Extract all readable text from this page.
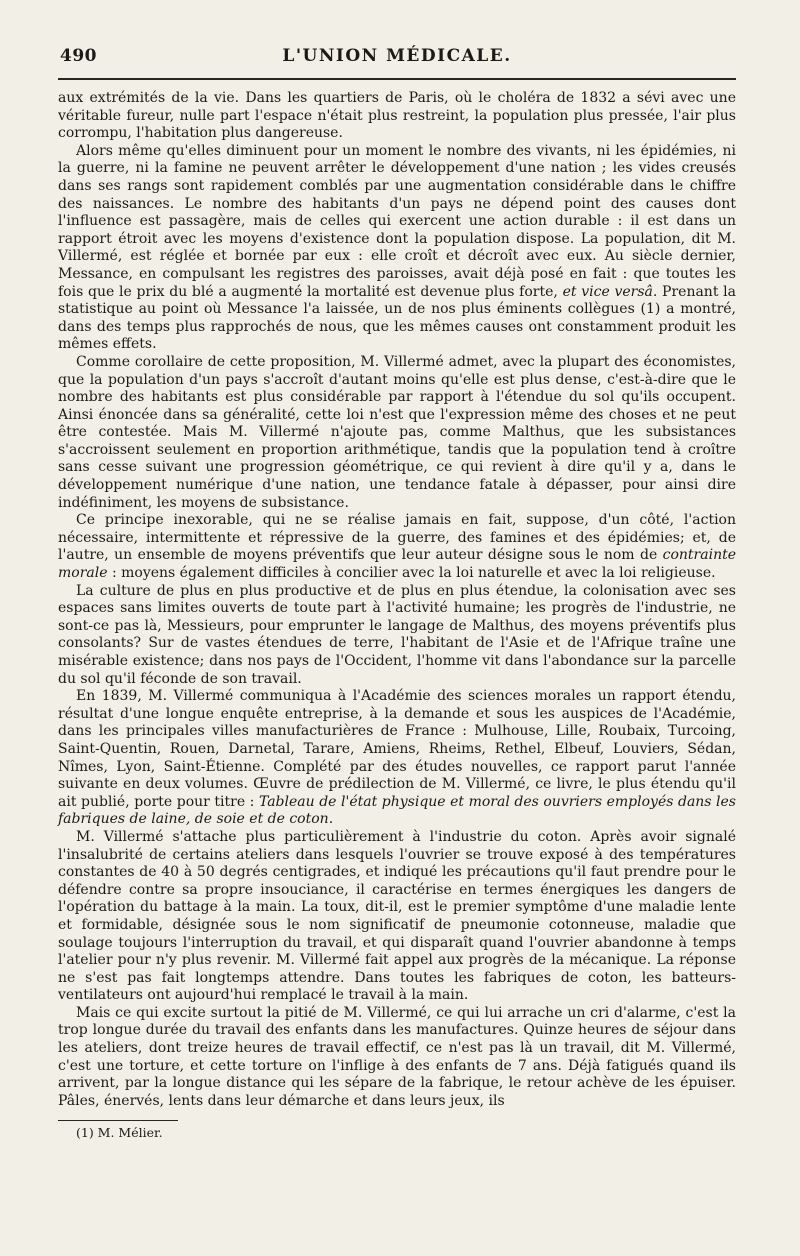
490	L'UNION MÉDICALE.

aux extrémités de la vie. Dans les quartiers de Paris, où le choléra de 1832 a sévi avec une véritable fureur, nulle part l'espace n'était plus restreint, la population plus pressée, l'air plus corrompu, l'habitation plus dangereuse.

Alors même qu'elles diminuent pour un moment le nombre des vivants, ni les épidémies, ni la guerre, ni la famine ne peuvent arrêter le développement d'une nation ; les vides creusés dans ses rangs sont rapidement comblés par une augmentation considérable dans le chiffre des naissances. Le nombre des habitants d'un pays ne dépend point des causes dont l'influence est passagère, mais de celles qui exercent une action durable : il est dans un rapport étroit avec les moyens d'existence dont la population dispose. La population, dit M. Villermé, est réglée et bornée par eux : elle croît et décroît avec eux. Au siècle dernier, Messance, en compulsant les registres des paroisses, avait déjà posé en fait : que toutes les fois que le prix du blé a augmenté la mortalité est devenue plus forte, et vice versâ. Prenant la statistique au point où Messance l'a laissée, un de nos plus éminents collègues (1) a montré, dans des temps plus rapprochés de nous, que les mêmes causes ont constamment produit les mêmes effets.

Comme corollaire de cette proposition, M. Villermé admet, avec la plupart des économistes, que la population d'un pays s'accroît d'autant moins qu'elle est plus dense, c'est-à-dire que le nombre des habitants est plus considérable par rapport à l'étendue du sol qu'ils occupent. Ainsi énoncée dans sa généralité, cette loi n'est que l'expression même des choses et ne peut être contestée. Mais M. Villermé n'ajoute pas, comme Malthus, que les subsistances s'accroissent seulement en proportion arithmétique, tandis que la population tend à croître sans cesse suivant une progression géométrique, ce qui revient à dire qu'il y a, dans le développement numérique d'une nation, une tendance fatale à dépasser, pour ainsi dire indéfiniment, les moyens de subsistance.

Ce principe inexorable, qui ne se réalise jamais en fait, suppose, d'un côté, l'action nécessaire, intermittente et répressive de la guerre, des famines et des épidémies; et, de l'autre, un ensemble de moyens préventifs que leur auteur désigne sous le nom de contrainte morale : moyens également difficiles à concilier avec la loi naturelle et avec la loi religieuse.

La culture de plus en plus productive et de plus en plus étendue, la colonisation avec ses espaces sans limites ouverts de toute part à l'activité humaine; les progrès de l'industrie, ne sont-ce pas là, Messieurs, pour emprunter le langage de Malthus, des moyens préventifs plus consolants? Sur de vastes étendues de terre, l'habitant de l'Asie et de l'Afrique traîne une misérable existence; dans nos pays de l'Occident, l'homme vit dans l'abondance sur la parcelle du sol qu'il féconde de son travail.

En 1839, M. Villermé communiqua à l'Académie des sciences morales un rapport étendu, résultat d'une longue enquête entreprise, à la demande et sous les auspices de l'Académie, dans les principales villes manufacturières de France : Mulhouse, Lille, Roubaix, Turcoing, Saint-Quentin, Rouen, Darnetal, Tarare, Amiens, Rheims, Rethel, Elbeuf, Louviers, Sédan, Nîmes, Lyon, Saint-Étienne. Complété par des études nouvelles, ce rapport parut l'année suivante en deux volumes. Œuvre de prédilection de M. Villermé, ce livre, le plus étendu qu'il ait publié, porte pour titre : Tableau de l'état physique et moral des ouvriers employés dans les fabriques de laine, de soie et de coton.

M. Villermé s'attache plus particulièrement à l'industrie du coton. Après avoir signalé l'insalubrité de certains ateliers dans lesquels l'ouvrier se trouve exposé à des températures constantes de 40 à 50 degrés centigrades, et indiqué les précautions qu'il faut prendre pour le défendre contre sa propre insouciance, il caractérise en termes énergiques les dangers de l'opération du battage à la main. La toux, dit-il, est le premier symptôme d'une maladie lente et formidable, désignée sous le nom significatif de pneumonie cotonneuse, maladie que soulage toujours l'interruption du travail, et qui disparaît quand l'ouvrier abandonne à temps l'atelier pour n'y plus revenir. M. Villermé fait appel aux progrès de la mécanique. La réponse ne s'est pas fait longtemps attendre. Dans toutes les fabriques de coton, les batteurs-ventilateurs ont aujourd'hui remplacé le travail à la main.

Mais ce qui excite surtout la pitié de M. Villermé, ce qui lui arrache un cri d'alarme, c'est la trop longue durée du travail des enfants dans les manufactures. Quinze heures de séjour dans les ateliers, dont treize heures de travail effectif, ce n'est pas là un travail, dit M. Villermé, c'est une torture, et cette torture on l'inflige à des enfants de 7 ans. Déjà fatigués quand ils arrivent, par la longue distance qui les sépare de la fabrique, le retour achève de les épuiser. Pâles, énervés, lents dans leur démarche et dans leurs jeux, ils

(1) M. Mélier.
